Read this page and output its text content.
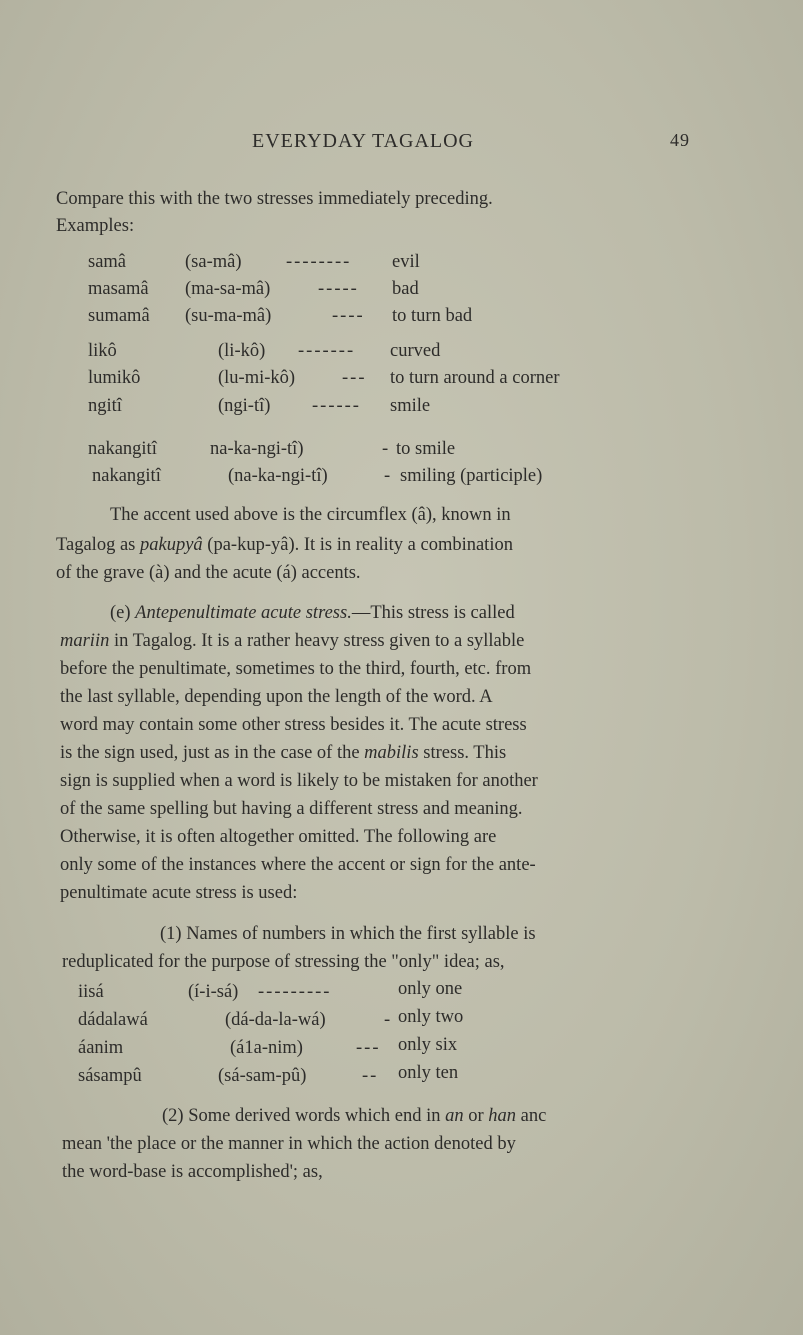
EVERYDAY TAGALOG	49
Compare this with the two stresses immediately preceding.
Examples:
samâ	(sa-mâ) -------- evil
masamâ (ma-sa-mâ)	----- bad
sumamâ (su-ma-mâ)	---- to turn bad
likô	(li-kô) ------- curved
lumikô	(lu-mi-kô)	--- to turn around a corner
ngitî	(ngi-tî) ------ smile
nakangitî	na-ka-ngi-tî)	- to smile
nakangitî	(na-ka-ngi-tî)	- smiling (participle)
The accent used above is the circumflex (â), known in
Tagalog as pakupyâ (pa-kup-yâ). It is in reality a combination
of the grave (à) and the acute (á) accents.
(e) Antepenultimate acute stress.—This stress is called
mariin in Tagalog. It is a rather heavy stress given to a syllable
before the penultimate, sometimes to the third, fourth, etc. from
the last syllable, depending upon the length of the word. A
word may contain some other stress besides it. The acute stress
is the sign used, just as in the case of the mabilis stress. This
sign is supplied when a word is likely to be mistaken for another
of the same spelling but having a different stress and meaning.
Otherwise, it is often altogether omitted. The following are
only some of the instances where the accent or sign for the ante-
penultimate acute stress is used:
(1) Names of numbers in which the first syllable is
reduplicated for the purpose of stressing the "only" idea; as,
iisá	(í-i-sá) ---------	only one
dádalawá	(dá-da-la-wá)	- only two
áanim	(á1a-nim)	--- only six
sásampû	(sá-sam-pû)	-- only ten
(2) Some derived words which end in an or han anc
mean 'the place or the manner in which the action denoted by
the word-base is accomplished'; as,
